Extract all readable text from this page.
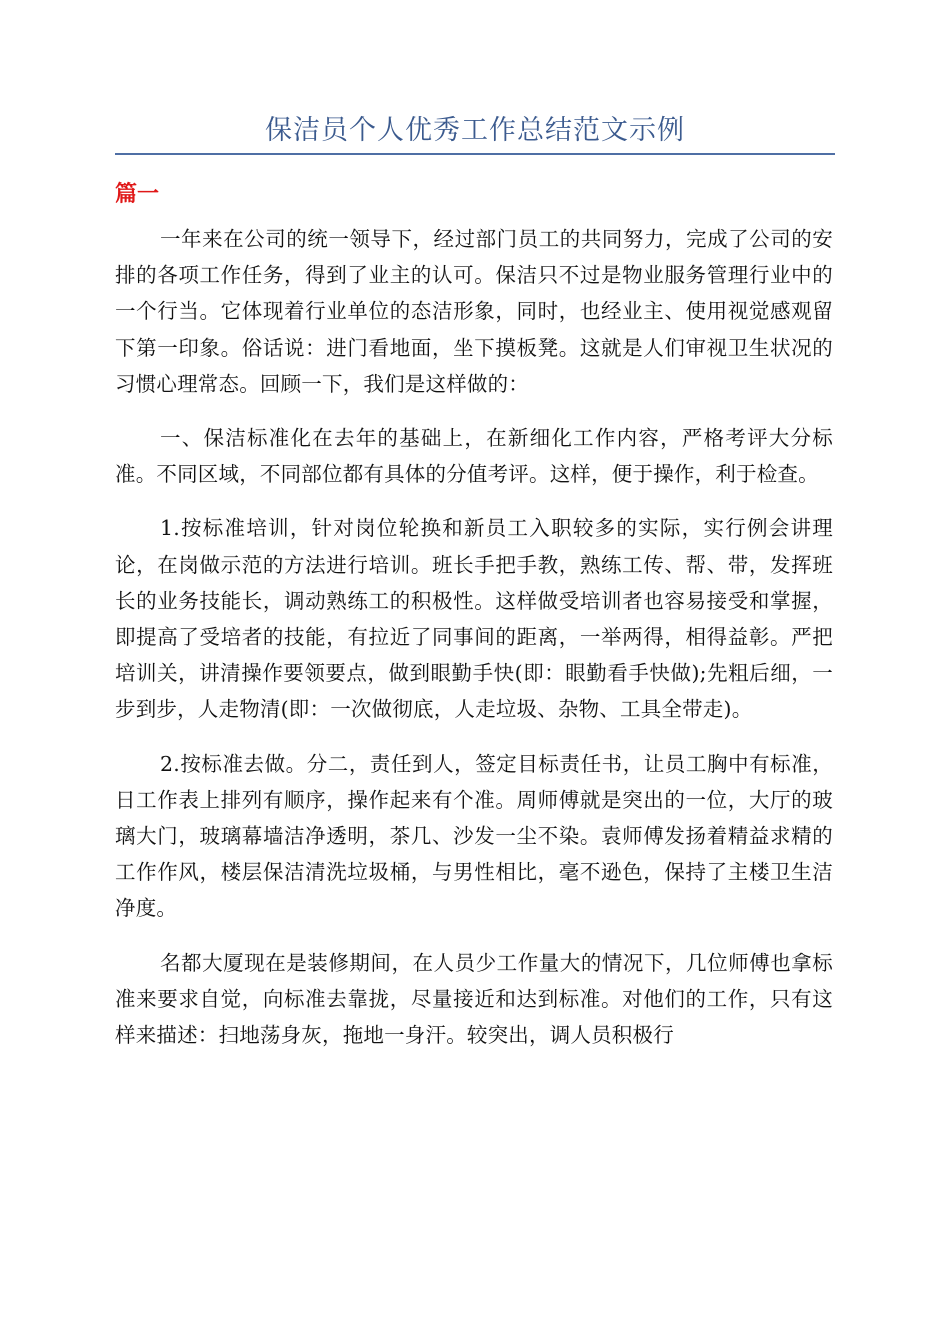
保洁员个人优秀工作总结范文示例
篇一

一年来在公司的统一领导下，经过部门员工的共同努力，完成了公司的安排的各项工作任务，得到了业主的认可。保洁只不过是物业服务管理行业中的一个行当。它体现着行业单位的态洁形象，同时，也经业主、使用视觉感观留下第一印象。俗话说：进门看地面，坐下摸板凳。这就是人们审视卫生状况的习惯心理常态。回顾一下，我们是这样做的：

一、保洁标准化在去年的基础上，在新细化工作内容，严格考评大分标准。不同区域，不同部位都有具体的分值考评。这样，便于操作，利于检查。

1.按标准培训，针对岗位轮换和新员工入职较多的实际，实行例会讲理论，在岗做示范的方法进行培训。班长手把手教，熟练工传、帮、带，发挥班长的业务技能长，调动熟练工的积极性。这样做受培训者也容易接受和掌握，即提高了受培者的技能，有拉近了同事间的距离，一举两得，相得益彰。严把培训关，讲清操作要领要点，做到眼勤手快(即：眼勤看手快做);先粗后细，一步到步，人走物清(即：一次做彻底，人走垃圾、杂物、工具全带走)。

2.按标准去做。分二，责任到人，签定目标责任书，让员工胸中有标准，日工作表上排列有顺序，操作起来有个准。周师傅就是突出的一位，大厅的玻璃大门，玻璃幕墙洁净透明，茶几、沙发一尘不染。袁师傅发扬着精益求精的工作作风，楼层保洁清洗垃圾桶，与男性相比，毫不逊色，保持了主楼卫生洁净度。

名都大厦现在是装修期间，在人员少工作量大的情况下，几位师傅也拿标准来要求自觉，向标准去靠拢，尽量接近和达到标准。对他们的工作，只有这样来描述：扫地荡身灰，拖地一身汗。较突出，调人员积极行
